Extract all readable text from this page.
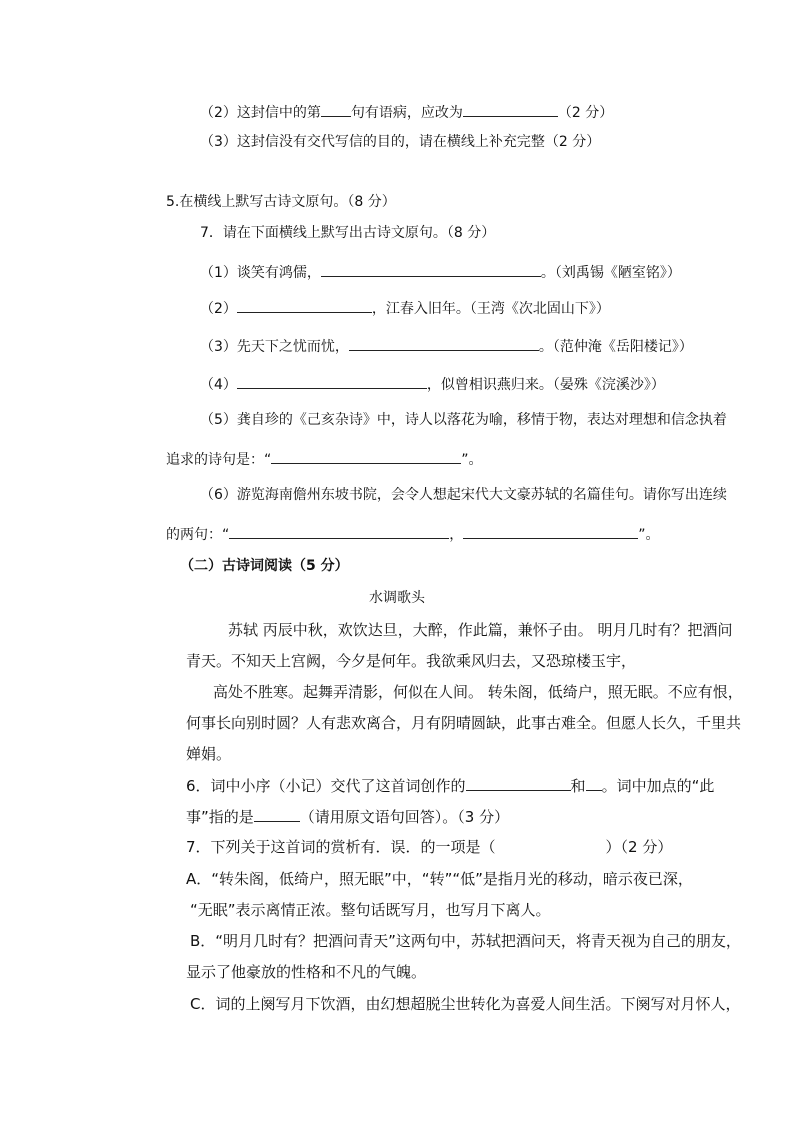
（2）这封信中的第 句有语病，应改为	（2 分）
（3）这封信没有交代写信的目的，请在横线上补充完整（2 分）
5.在横线上默写古诗文原句。（8 分）
7．请在下面横线上默写出古诗文原句。（8 分）
（1）谈笑有鸿儒，	。（刘禹锡《陋室铭》）
（2）	，江春入旧年。（王湾《次北固山下》）
（3）先天下之忧而忧，	。（范仲淹《岳阳楼记》）
（4）	，似曾相识燕归来。（晏殊《浣溪沙》）
（5）龚自珍的《己亥杂诗》中，诗人以落花为喻，移情于物，表达对理想和信念执着
追求的诗句是：“	”。
（6）游览海南儋州东坡书院，会令人想起宋代大文豪苏轼的名篇佳句。请你写出连续
的两句：“	，	”。
（二）古诗词阅读（5 分）
水调歌头
苏轼 丙辰中秋，欢饮达旦，大醉，作此篇，兼怀子由。 明月几时有？把酒问
青天。不知天上宫阙，今夕是何年。我欲乘风归去，又恐琼楼玉宇，
高处不胜寒。起舞弄清影，何似在人间。 转朱阁，低绮户，照无眠。不应有恨，
何事长向别时圆？人有悲欢离合，月有阴晴圆缺，此事古难全。但愿人长久，千里共
婵娟。
6．词中小序（小记）交代了这首词创作的	和 。词中加点的“此
事”指的是	（请用原文语句回答）。（3 分）
7．下列关于这首词的赏析有．误．的一项是（	）（2 分）
A．“转朱阁，低绮户，照无眠”中，“转”“低”是指月光的移动，暗示夜已深，
“无眠”表示离情正浓。整句话既写月，也写月下离人。
B．“明月几时有？把酒问青天”这两句中，苏轼把酒问天，将青天视为自己的朋友，
显示了他豪放的性格和不凡的气魄。
C．词的上阕写月下饮酒，由幻想超脱尘世转化为喜爱人间生活。下阕写对月怀人，
